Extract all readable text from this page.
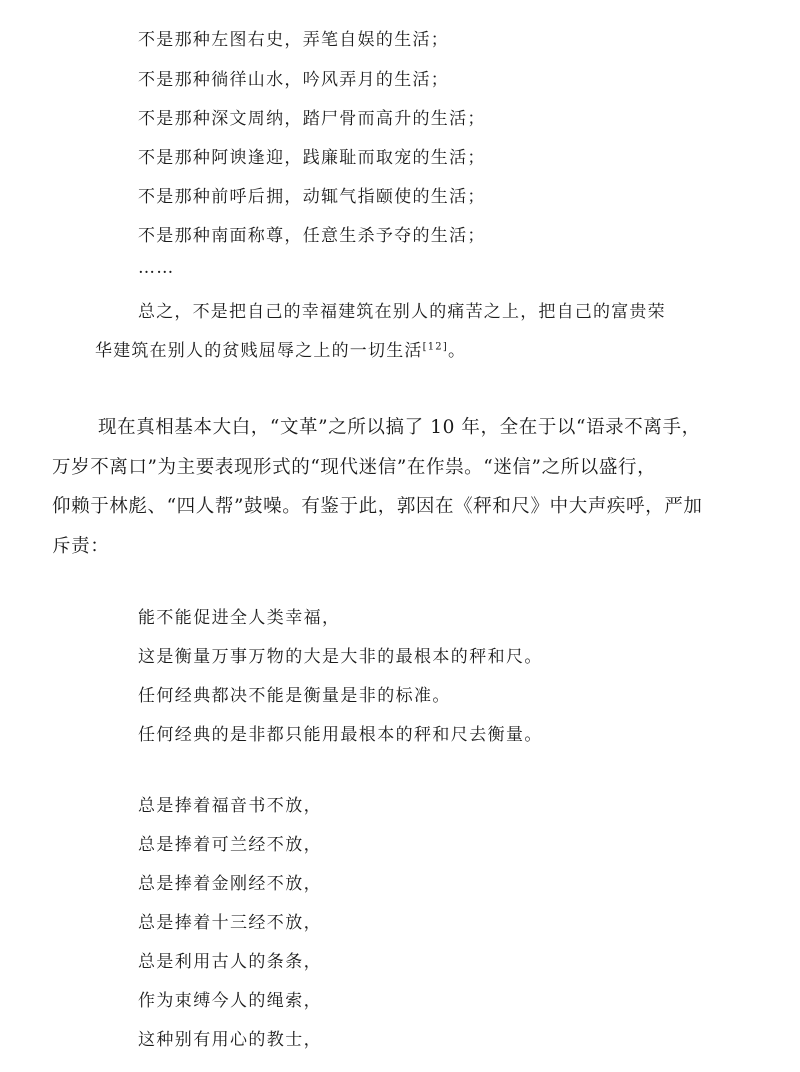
不是那种左图右史，弄笔自娱的生活；
不是那种徜徉山水，吟风弄月的生活；
不是那种深文周纳，踏尸骨而高升的生活；
不是那种阿谀逢迎，践廉耻而取宠的生活；
不是那种前呼后拥，动辄气指颐使的生活；
不是那种南面称尊，任意生杀予夺的生活；
……
总之，不是把自己的幸福建筑在别人的痛苦之上，把自己的富贵荣
华建筑在别人的贫贱屈辱之上的一切生活[12]。
现在真相基本大白，“文革”之所以搞了 10 年，全在于以“语录不离手，
万岁不离口”为主要表现形式的“现代迷信”在作祟。“迷信”之所以盛行，
仰赖于林彪、“四人帮”鼓噪。有鉴于此，郭因在《秤和尺》中大声疾呼，严加
斥责：
能不能促进全人类幸福，
这是衡量万事万物的大是大非的最根本的秤和尺。
任何经典都决不能是衡量是非的标准。
任何经典的是非都只能用最根本的秤和尺去衡量。
总是捧着福音书不放，
总是捧着可兰经不放，
总是捧着金刚经不放，
总是捧着十三经不放，
总是利用古人的条条，
作为束缚今人的绳索，
这种别有用心的教士，
